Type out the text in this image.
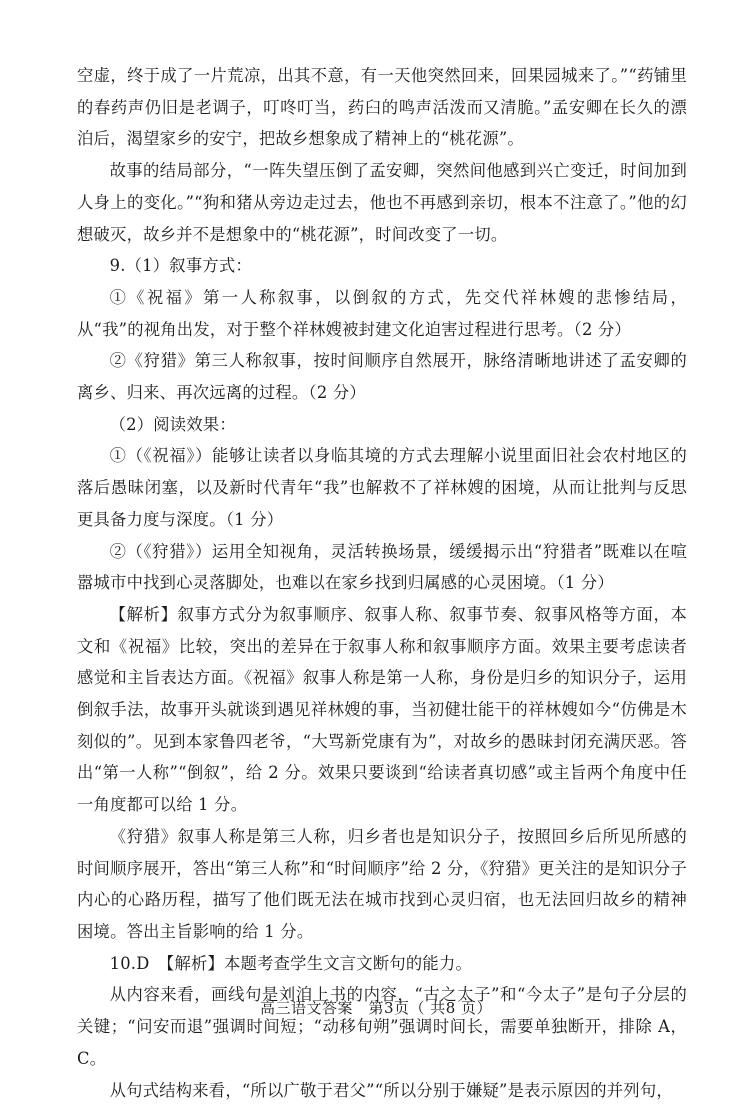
空虚，终于成了一片荒凉，出其不意，有一天他突然回来，回果园城来了。”“药铺里的春药声仍旧是老调子，叮咚叮当，药臼的鸣声活泼而又清脆。”孟安卿在长久的漂泊后，渴望家乡的安宁，把故乡想象成了精神上的“桃花源”。

故事的结局部分，“一阵失望压倒了孟安卿，突然间他感到兴亡变迁，时间加到人身上的变化。”“狗和猪从旁边走过去，他也不再感到亲切，根本不注意了。”他的幻想破灭，故乡并不是想象中的“桃花源”，时间改变了一切。

9.（1）叙事方式：

①《祝福》第一人称叙事，以倒叙的方式，先交代祥林嫂的悲惨结局，从“我”的视角出发，对于整个祥林嫂被封建文化迫害过程进行思考。（2 分）

②《狩猎》第三人称叙事，按时间顺序自然展开，脉络清晰地讲述了孟安卿的离乡、归来、再次远离的过程。（2 分）

（2）阅读效果：

①（《祝福》）能够让读者以身临其境的方式去理解小说里面旧社会农村地区的落后愚昧闭塞，以及新时代青年“我”也解救不了祥林嫂的困境，从而让批判与反思更具备力度与深度。（1 分）

②（《狩猎》）运用全知视角，灵活转换场景，缓缓揭示出“狩猎者”既难以在喧嚣城市中找到心灵落脚处，也难以在家乡找到归属感的心灵困境。（1 分）

【解析】叙事方式分为叙事顺序、叙事人称、叙事节奏、叙事风格等方面，本文和《祝福》比较，突出的差异在于叙事人称和叙事顺序方面。效果主要考虑读者感觉和主旨表达方面。《祝福》叙事人称是第一人称，身份是归乡的知识分子，运用倒叙手法，故事开头就谈到遇见祥林嫂的事，当初健壮能干的祥林嫂如今“仿佛是木刻似的”。见到本家鲁四老爷，“大骂新党康有为”，对故乡的愚昧封闭充满厌恶。答出“第一人称”“倒叙”，给 2 分。效果只要谈到“给读者真切感”或主旨两个角度中任一角度都可以给 1 分。

《狩猎》叙事人称是第三人称，归乡者也是知识分子，按照回乡后所见所感的时间顺序展开，答出“第三人称”和“时间顺序”给 2 分，《狩猎》更关注的是知识分子内心的心路历程，描写了他们既无法在城市找到心灵归宿，也无法回归故乡的精神困境。答出主旨影响的给 1 分。

10.D　【解析】本题考查学生文言文断句的能力。

从内容来看，画线句是刘洎上书的内容，“古之太子”和“今太子”是句子分层的关键；“问安而退”强调时间短；“动移旬朔”强调时间长，需要单独断开，排除 A，C。

从句式结构来看，“所以广敬于君父”“所以分别于嫌疑”是表示原因的并列句，

高三语文答案　第3页（ 共8 页）
